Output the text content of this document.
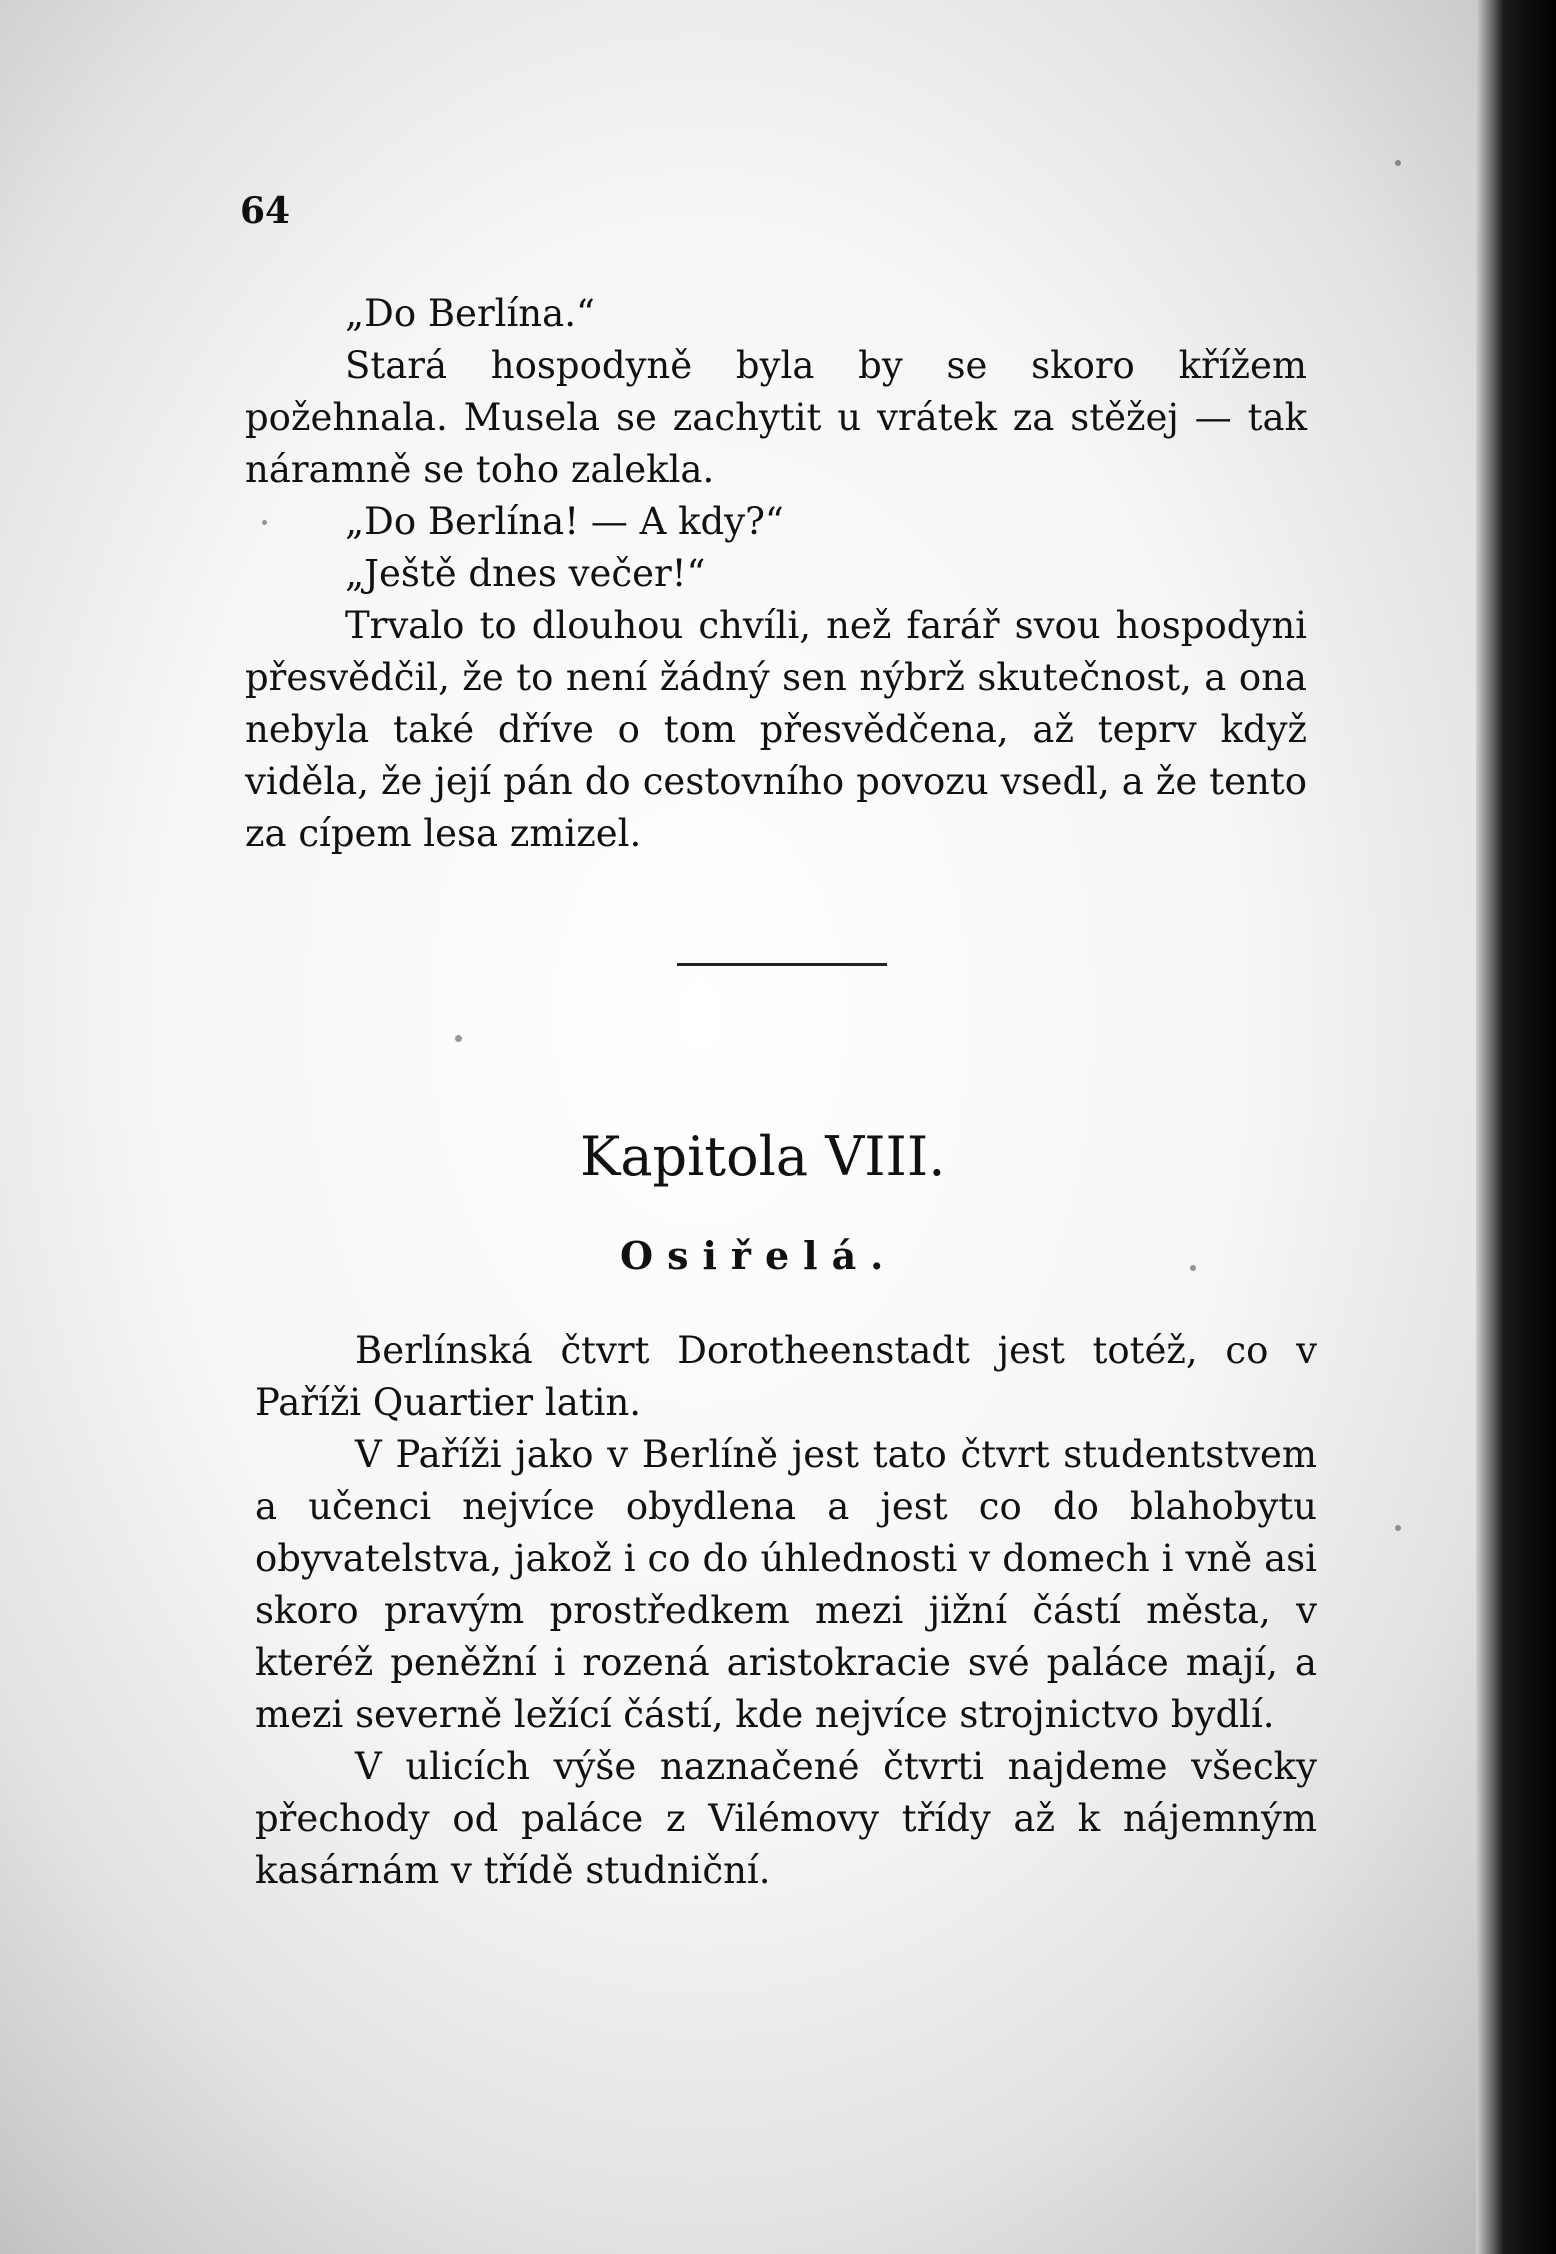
64

„Do Berlína.“

Stará hospodyně byla by se skoro křížem požehnala. Musela se zachytit u vrátek za stěžej — tak náramně se toho zalekla.

„Do Berlína! — A kdy?“

„Ještě dnes večer!“

Trvalo to dlouhou chvíli, než farář svou hospodyni přesvědčil, že to není žádný sen nýbrž skutečnost, a ona nebyla také dříve o tom přesvědčena, až teprv když viděla, že její pán do cestovního povozu vsedl, a že tento za cípem lesa zmizel.

Kapitola VIII.
Osiřelá.

Berlínská čtvrt Dorotheenstadt jest totéž, co v Paříži Quartier latin.

V Paříži jako v Berlíně jest tato čtvrt studentstvem a učenci nejvíce obydlena a jest co do blahobytu obyvatelstva, jakož i co do úhlednosti v domech i vně asi skoro pravým prostředkem mezi jižní částí města, v kteréž peněžní i rozená aristokracie své paláce mají, a mezi severně ležící částí, kde nejvíce strojnictvo bydlí.

V ulicích výše naznačené čtvrti najdeme všecky přechody od paláce z Vilémovy třídy až k nájemným kasárnám v třídě studniční.
